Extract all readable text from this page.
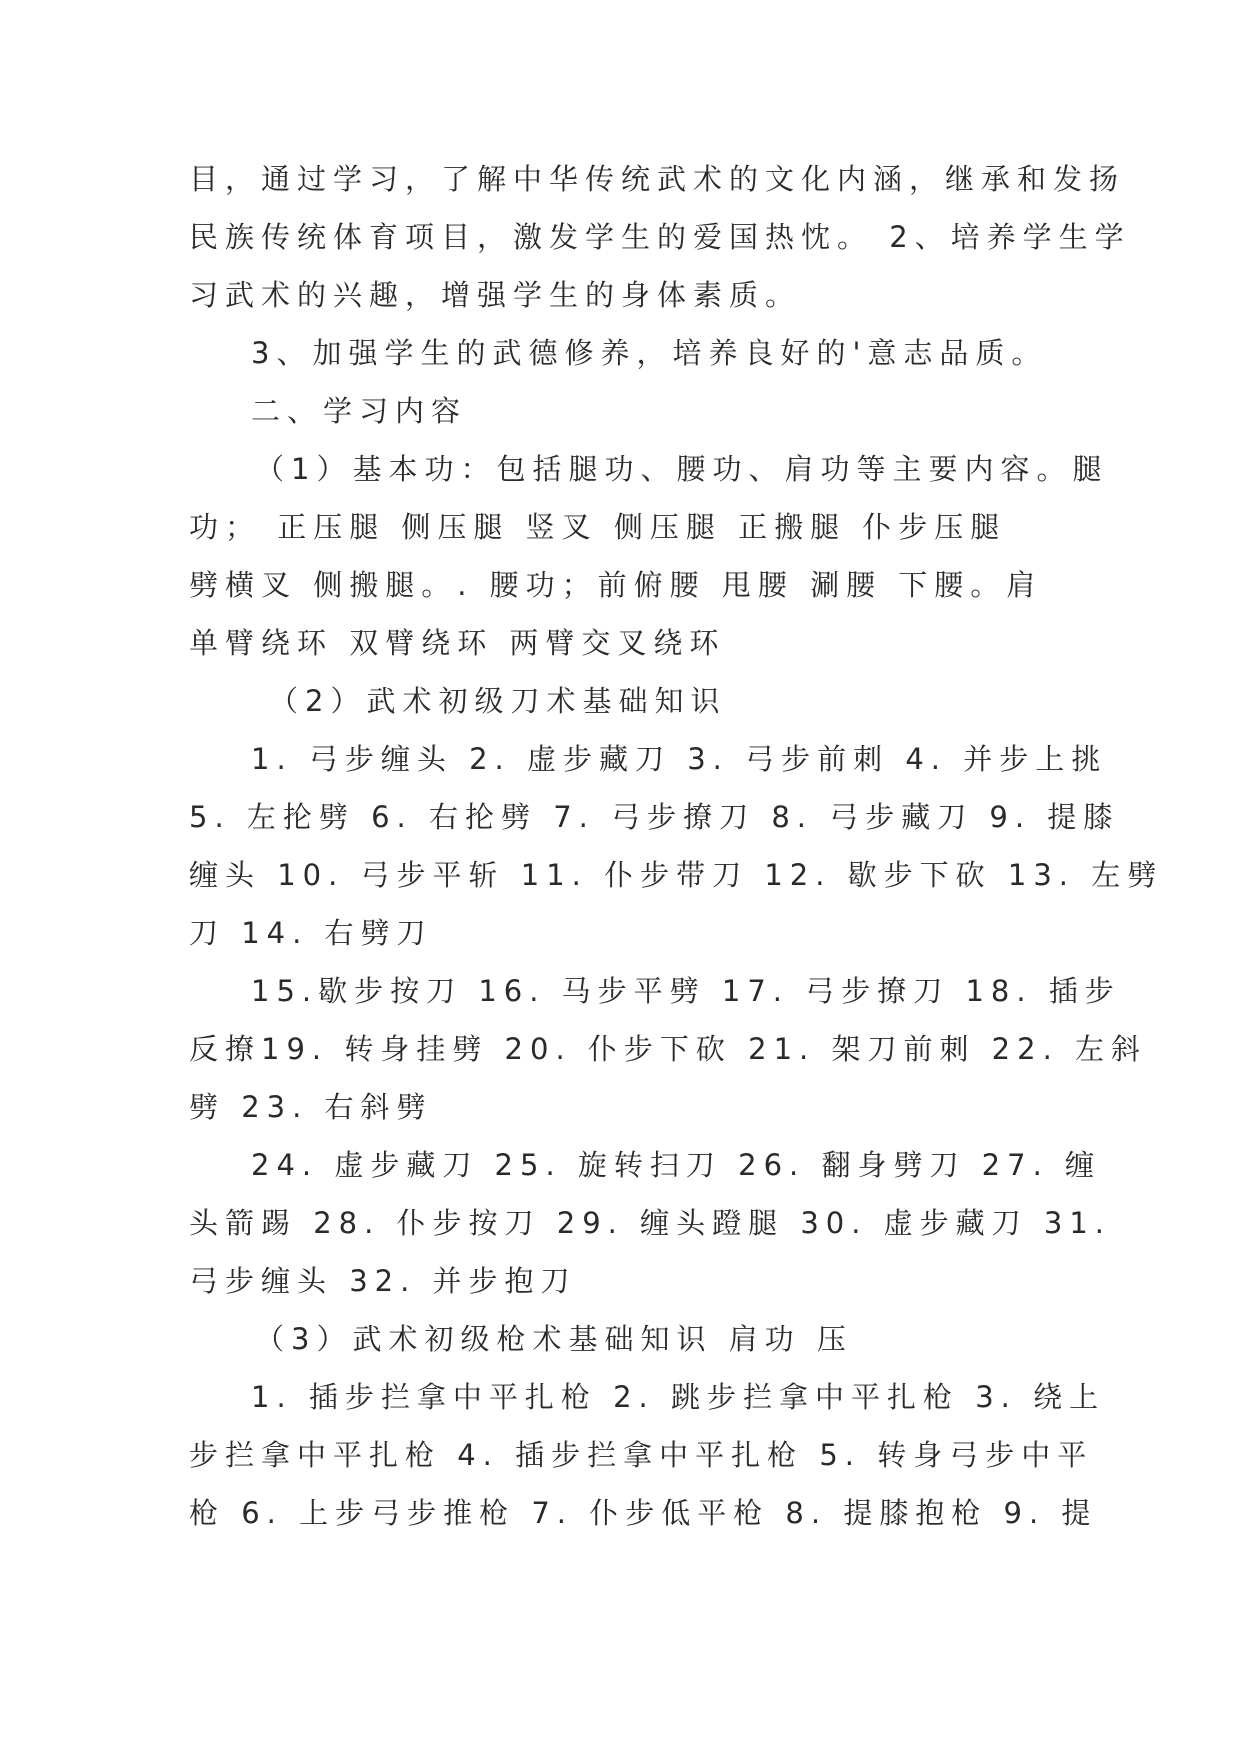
目，通过学习，了解中华传统武术的文化内涵，继承和发扬
民族传统体育项目，激发学生的爱国热忱。 2、培养学生学
习武术的兴趣，增强学生的身体素质。
3、加强学生的武德修养，培养良好的'意志品质。
二、学习内容
（1）基本功：包括腿功、腰功、肩功等主要内容。腿
功； 正压腿 侧压腿 竖叉 侧压腿 正搬腿 仆步压腿
劈横叉 侧搬腿。. 腰功；前俯腰 甩腰 涮腰 下腰。肩
单臂绕环 双臂绕环 两臂交叉绕环
（2）武术初级刀术基础知识
1. 弓步缠头 2. 虚步藏刀 3. 弓步前刺 4. 并步上挑
5. 左抡劈 6. 右抡劈 7. 弓步撩刀 8. 弓步藏刀 9. 提膝
缠头 10. 弓步平斩 11. 仆步带刀 12. 歇步下砍 13. 左劈
刀 14. 右劈刀
15.歇步按刀 16. 马步平劈 17. 弓步撩刀 18. 插步
反撩19. 转身挂劈 20. 仆步下砍 21. 架刀前刺 22. 左斜
劈 23. 右斜劈
24. 虚步藏刀 25. 旋转扫刀 26. 翻身劈刀 27. 缠
头箭踢 28. 仆步按刀 29. 缠头蹬腿 30. 虚步藏刀 31.
弓步缠头 32. 并步抱刀
（3）武术初级枪术基础知识 肩功 压
1. 插步拦拿中平扎枪 2. 跳步拦拿中平扎枪 3. 绕上
步拦拿中平扎枪 4. 插步拦拿中平扎枪 5. 转身弓步中平
枪 6. 上步弓步推枪 7. 仆步低平枪 8. 提膝抱枪 9. 提
